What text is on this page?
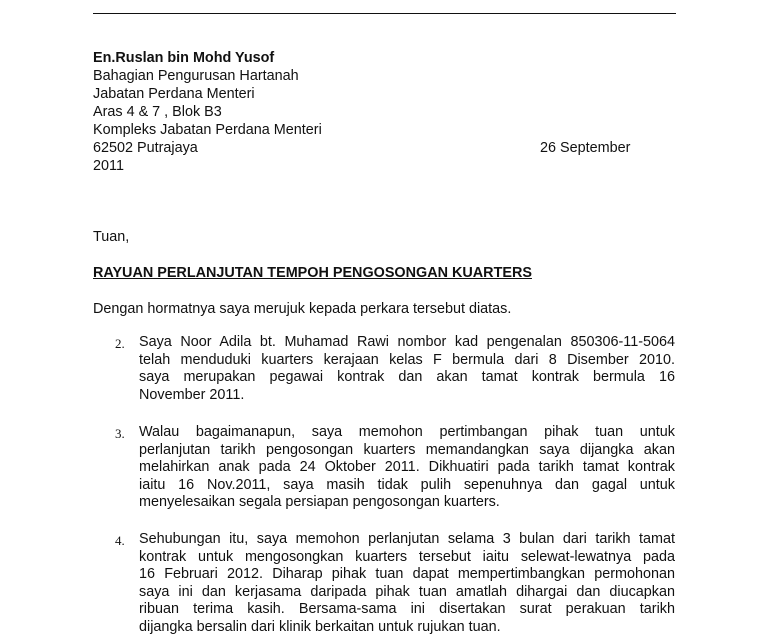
En.Ruslan bin Mohd Yusof
Bahagian Pengurusan Hartanah
Jabatan Perdana Menteri
Aras 4 & 7 , Blok B3
Kompleks Jabatan Perdana Menteri
62502 Putrajaya	26 September
2011
Tuan,
RAYUAN PERLANJUTAN TEMPOH PENGOSONGAN KUARTERS
Dengan hormatnya saya merujuk kepada perkara tersebut diatas.
2. Saya Noor Adila bt. Muhamad Rawi nombor kad pengenalan 850306-11-5064
telah menduduki kuarters kerajaan kelas F bermula dari 8 Disember 2010.
saya merupakan pegawai kontrak dan akan tamat kontrak bermula 16
November 2011.
3. Walau bagaimanapun, saya memohon pertimbangan pihak tuan untuk
perlanjutan tarikh pengosongan kuarters memandangkan saya dijangka akan
melahirkan anak pada 24 Oktober 2011. Dikhuatiri pada tarikh tamat kontrak
iaitu 16 Nov.2011, saya masih tidak pulih sepenuhnya dan gagal untuk
menyelesaikan segala persiapan pengosongan kuarters.
4. Sehubungan itu, saya memohon perlanjutan selama 3 bulan dari tarikh tamat
kontrak untuk mengosongkan kuarters tersebut iaitu selewat-lewatnya pada
16 Februari 2012. Diharap pihak tuan dapat mempertimbangkan permohonan
saya ini dan kerjasama daripada pihak tuan amatlah dihargai dan diucapkan
ribuan terima kasih. Bersama-sama ini disertakan surat perakuan tarikh
dijangka bersalin dari klinik berkaitan untuk rujukan tuan.
